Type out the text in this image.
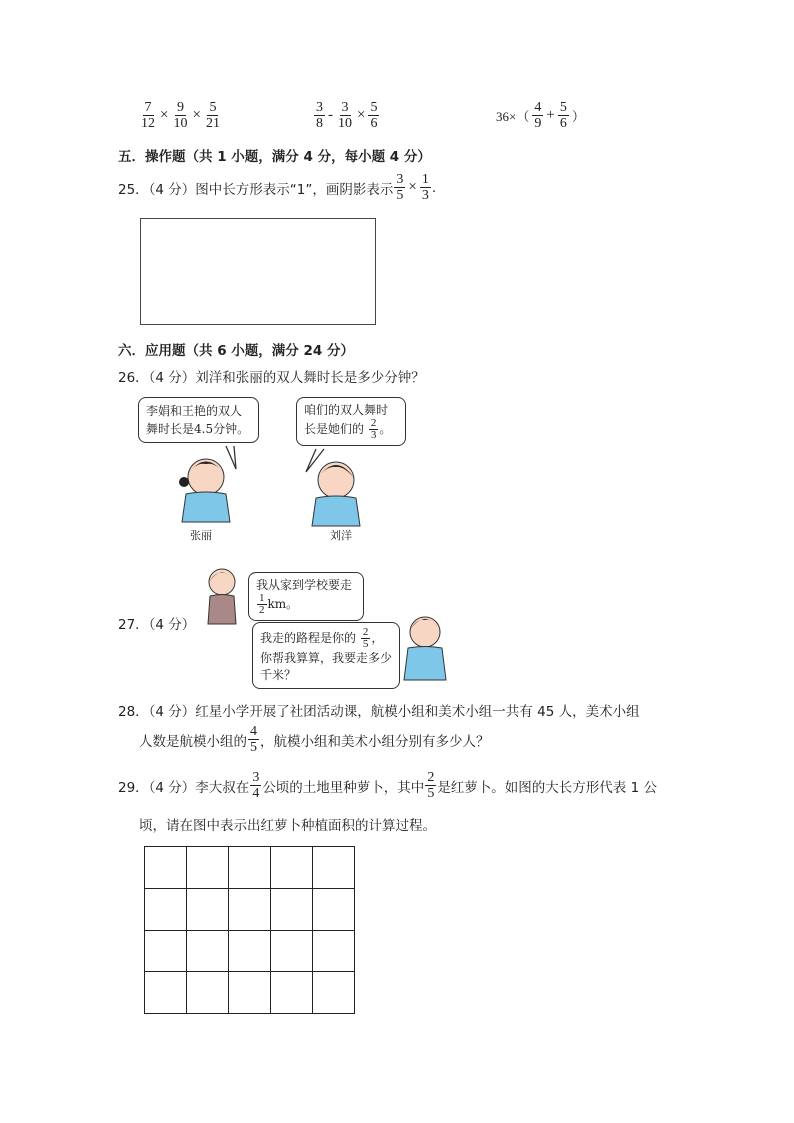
$\frac{7}{12} \times \frac{9}{10} \times \frac{5}{21}$	$\frac{3}{8} - \frac{3}{10} \times \frac{5}{6}$	$36\times( \frac{4}{9} + \frac{5}{6}$ ）
五．操作题（共 1 小题，满分 4 分，每小题 4 分）
25．（4 分）图中长方形表示“1”，画阴影表示 $\frac{3}{5} \times \frac{1}{3}$ .
六．应用题（共 6 小题，满分 24 分）
26．（4 分）刘洋和张丽的双人舞时长是多少分钟？
李娟和王艳的双人舞时长是4.5分钟。
咱们的双人舞时长是她们的 $\frac{2}{3}$ 。
张丽	刘洋
27．（4 分）
我从家到学校要走
$\frac{1}{2}$ km。
我走的路程是你的 $\frac{2}{5}$ ，你帮我算算，我要走多少千米？
28．（4 分）红星小学开展了社团活动课，航模小组和美术小组一共有 45 人，美术小组
人数是航模小组的 $\frac{4}{5}$ ，航模小组和美术小组分别有多少人？
29．（4 分）李大叔在 $\frac{3}{4}$ 公顷的土地里种萝卜，其中 $\frac{2}{5}$ 是红萝卜。如图的大长方形代表 1 公
顷，请在图中表示出红萝卜种植面积的计算过程。
